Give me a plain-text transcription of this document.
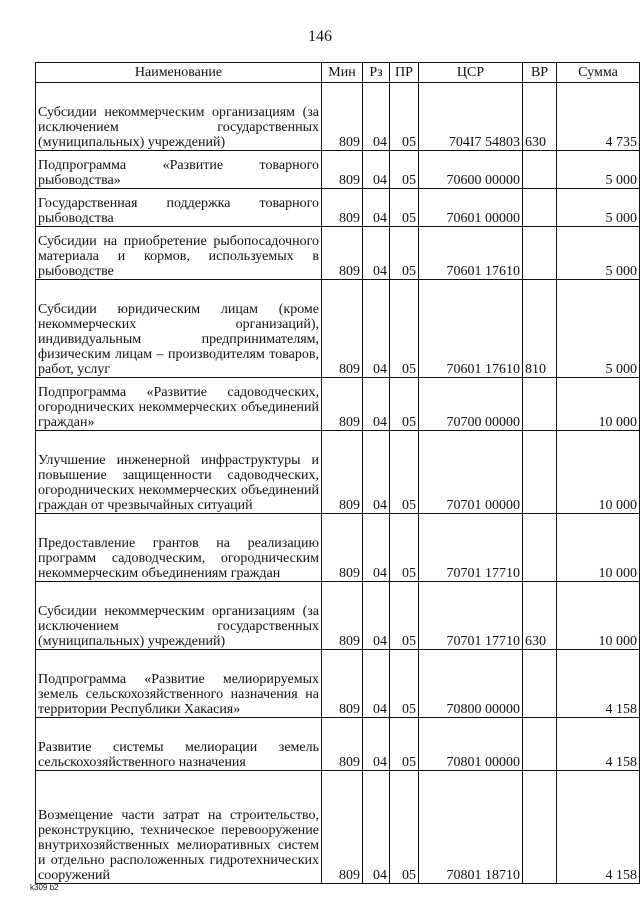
146
Наименование	Мин	Рз	ПР	ЦСР	ВР	Сумма
Субсидии некоммерческим организациям (за исключением государственных (муниципальных) учреждений)	809	04	05	704I7 54803	630	4 735
Подпрограмма «Развитие товарного рыбоводства»	809	04	05	70600 00000		5 000
Государственная поддержка товарного рыбоводства	809	04	05	70601 00000		5 000
Субсидии на приобретение рыбопосадочного материала и кормов, используемых в рыбоводстве	809	04	05	70601 17610		5 000
Субсидии юридическим лицам (кроме некоммерческих организаций), индивидуальным предпринимателям, физическим лицам – производителям товаров, работ, услуг	809	04	05	70601 17610	810	5 000
Подпрограмма «Развитие садоводческих, огороднических некоммерческих объединений граждан»	809	04	05	70700 00000		10 000
Улучшение инженерной инфраструктуры и повышение защищенности садоводческих, огороднических некоммерческих объединений граждан от чрезвычайных ситуаций	809	04	05	70701 00000		10 000
Предоставление грантов на реализацию программ садоводческим, огородническим некоммерческим объединениям граждан	809	04	05	70701 17710		10 000
Субсидии некоммерческим организациям (за исключением государственных (муниципальных) учреждений)	809	04	05	70701 17710	630	10 000
Подпрограмма «Развитие мелиорируемых земель сельскохозяйственного назначения на территории Республики Хакасия»	809	04	05	70800 00000		4 158
Развитие системы мелиорации земель сельскохозяйственного назначения	809	04	05	70801 00000		4 158
Возмещение части затрат на строительство, реконструкцию, техническое перевооружение внутрихозяйственных мелиоративных систем и отдельно расположенных гидротехнических сооружений	809	04	05	70801 18710		4 158
k309 b2
